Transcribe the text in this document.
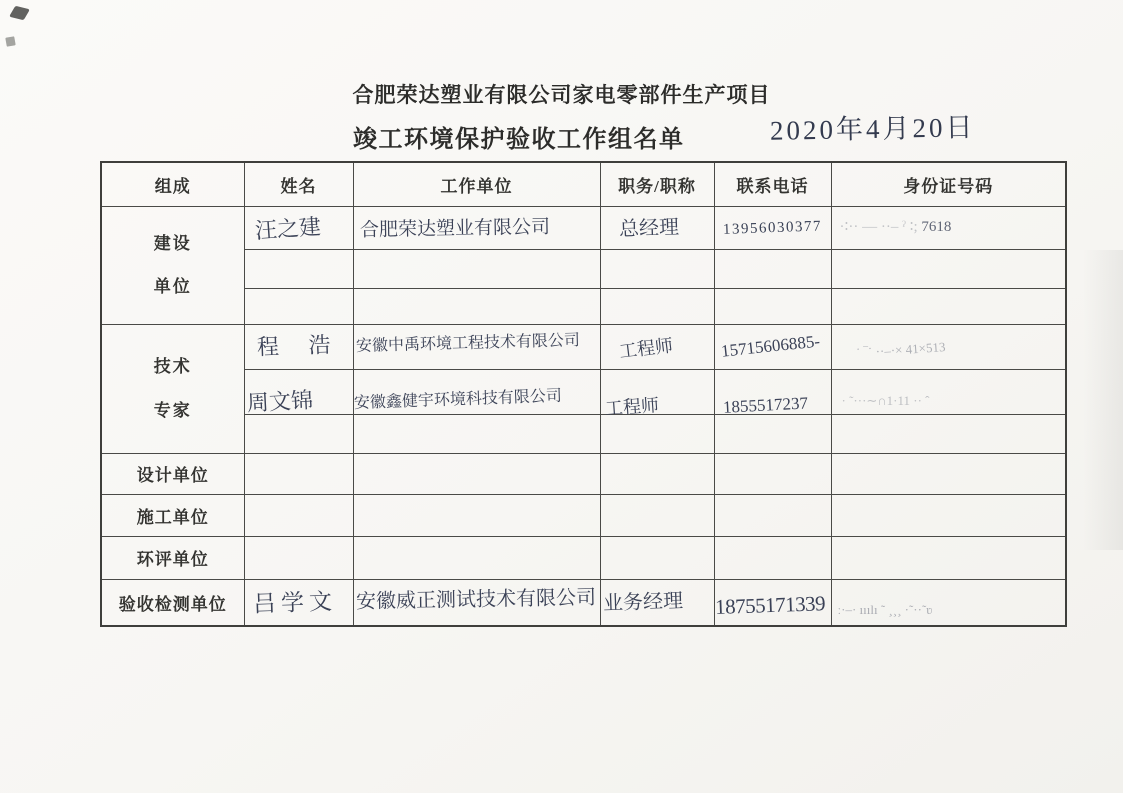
合肥荣达塑业有限公司家电零部件生产项目
竣工环境保护验收工作组名单	2020年4月20日
组成	姓名	工作单位	职务/职称	联系电话	身份证号码

建设单位	汪之建	合肥荣达塑业有限公司	总经理	13956030377	·∶·· — ··– ˀ ∶; 7618

技术专家	程 浩	安徽中禹环境工程技术有限公司	工程师	15715606885-	˙ ‾˙ ··–·× 41×513

	周文锦	安徽鑫健宇环境科技有限公司	工程师	1855517237	· ˜···∼∩1·11 ·· ˆ

设计单位					

施工单位					

环评单位					

验收检测单位	吕学文	安徽威正测试技术有限公司	业务经理	18755171339	ː·–· ııılı ˜ ¸¸¸ ·˜··˜ʋ
